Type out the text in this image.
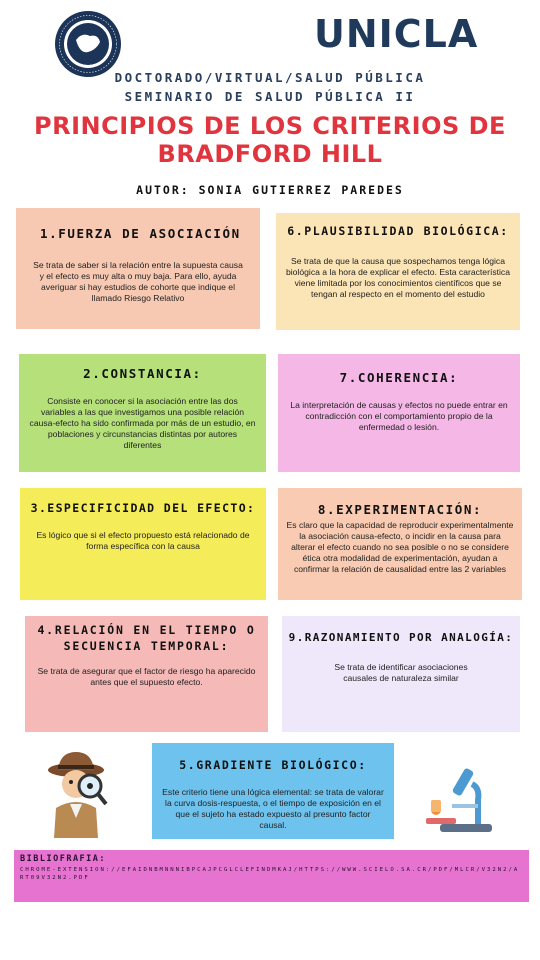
UNICLA
DOCTORADO/VIRTUAL/SALUD PÚBLICA
SEMINARIO DE SALUD PÚBLICA II
PRINCIPIOS DE LOS CRITERIOS DE
BRADFORD HILL
AUTOR: SONIA GUTIERREZ PAREDES
1.FUERZA DE ASOCIACIÓN
Se trata de saber si la relación entre la supuesta causa y el efecto es muy alta o muy baja. Para ello, ayuda averiguar si hay estudios de cohorte que indique el llamado Riesgo Relativo
6.PLAUSIBILIDAD BIOLÓGICA:
Se trata de que la causa que sospechamos tenga lógica biológica a la hora de explicar el efecto. Esta característica viene limitada por los conocimientos científicos que se tengan al respecto en el momento del estudio
2.CONSTANCIA:
Consiste en conocer si la asociación entre las dos variables a las que investigamos una posible relación causa-efecto ha sido confirmada por más de un estudio, en poblaciones y circunstancias distintas por autores diferentes
7.COHERENCIA:
La interpretación de causas y efectos no puede entrar en contradicción con el comportamiento propio de la enfermedad o lesión.
3.ESPECIFICIDAD DEL EFECTO:
Es lógico que si el efecto propuesto está relacionado de forma específica con la causa
8.EXPERIMENTACIÓN:
Es claro que la capacidad de reproducir experimentalmente la asociación causa-efecto, o incidir en la causa para alterar el efecto cuando no sea posible o no se considere ética otra modalidad de experimentación, ayudan a confirmar la relación de causalidad entre las 2 variables
4.RELACIÓN EN EL TIEMPO O SECUENCIA TEMPORAL:
Se trata de asegurar que el factor de riesgo ha aparecido antes que el supuesto efecto.
9.RAZONAMIENTO POR ANALOGÍA:
Se trata de identificar asociaciones causales de naturaleza similar
5.GRADIENTE BIOLÓGICO:
Este criterio tiene una lógica elemental: se trata de valorar la curva dosis-respuesta, o el tiempo de exposición en el que el sujeto ha estado expuesto al presunto factor causal.
BIBLIOFRAFIA:
CHROME-EXTENSION://EFAIDNBMNNNIBPCAJPCGLCLEFINDMKAJ/HTTPS://WWW.SCIELO.SA.CR/PDF/MLCR/V32N2/ART09V32N2.PDF
